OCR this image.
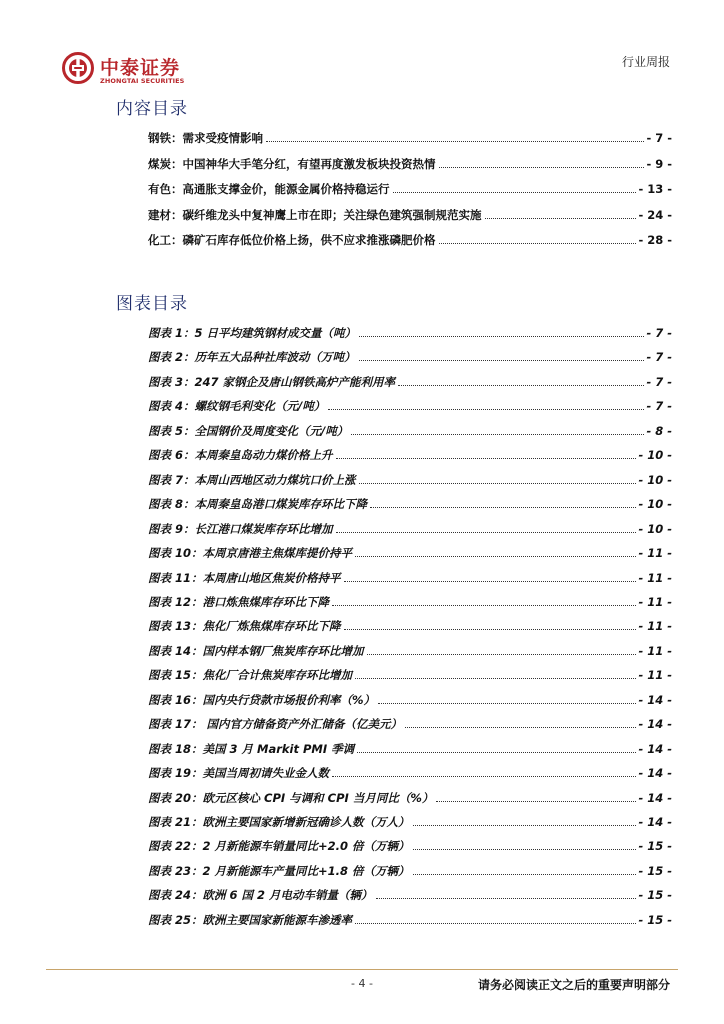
中泰证券
ZHONGTAI SECURITIES
行业周报
内容目录
钢铁：需求受疫情影响	- 7 -
煤炭：中国神华大手笔分红，有望再度激发板块投资热情	- 9 -
有色：高通胀支撑金价，能源金属价格持稳运行	- 13 -
建材：碳纤维龙头中复神鹰上市在即；关注绿色建筑强制规范实施	- 24 -
化工：磷矿石库存低位价格上扬，供不应求推涨磷肥价格	- 28 -
图表目录
图表 1：5 日平均建筑钢材成交量（吨）	- 7 -
图表 2：历年五大品种社库波动（万吨）	- 7 -
图表 3：247 家钢企及唐山钢铁高炉产能利用率	- 7 -
图表 4：螺纹钢毛利变化（元/吨）	- 7 -
图表 5：全国钢价及周度变化（元/吨）	- 8 -
图表 6：本周秦皇岛动力煤价格上升	- 10 -
图表 7：本周山西地区动力煤坑口价上涨	- 10 -
图表 8：本周秦皇岛港口煤炭库存环比下降	- 10 -
图表 9：长江港口煤炭库存环比增加	- 10 -
图表 10：本周京唐港主焦煤库提价持平	- 11 -
图表 11：本周唐山地区焦炭价格持平	- 11 -
图表 12：港口炼焦煤库存环比下降	- 11 -
图表 13：焦化厂炼焦煤库存环比下降	- 11 -
图表 14：国内样本钢厂焦炭库存环比增加	- 11 -
图表 15：焦化厂合计焦炭库存环比增加	- 11 -
图表 16：国内央行贷款市场报价利率（%）	- 14 -
图表 17： 国内官方储备资产外汇储备（亿美元）	- 14 -
图表 18：美国 3 月 Markit PMI 季调	- 14 -
图表 19：美国当周初请失业金人数	- 14 -
图表 20：欧元区核心 CPI 与调和 CPI 当月同比（%）	- 14 -
图表 21：欧洲主要国家新增新冠确诊人数（万人）	- 14 -
图表 22：2 月新能源车销量同比+2.0 倍（万辆）	- 15 -
图表 23：2 月新能源车产量同比+1.8 倍（万辆）	- 15 -
图表 24：欧洲 6 国 2 月电动车销量（辆）	- 15 -
图表 25：欧洲主要国家新能源车渗透率	- 15 -
- 4 -	请务必阅读正文之后的重要声明部分
